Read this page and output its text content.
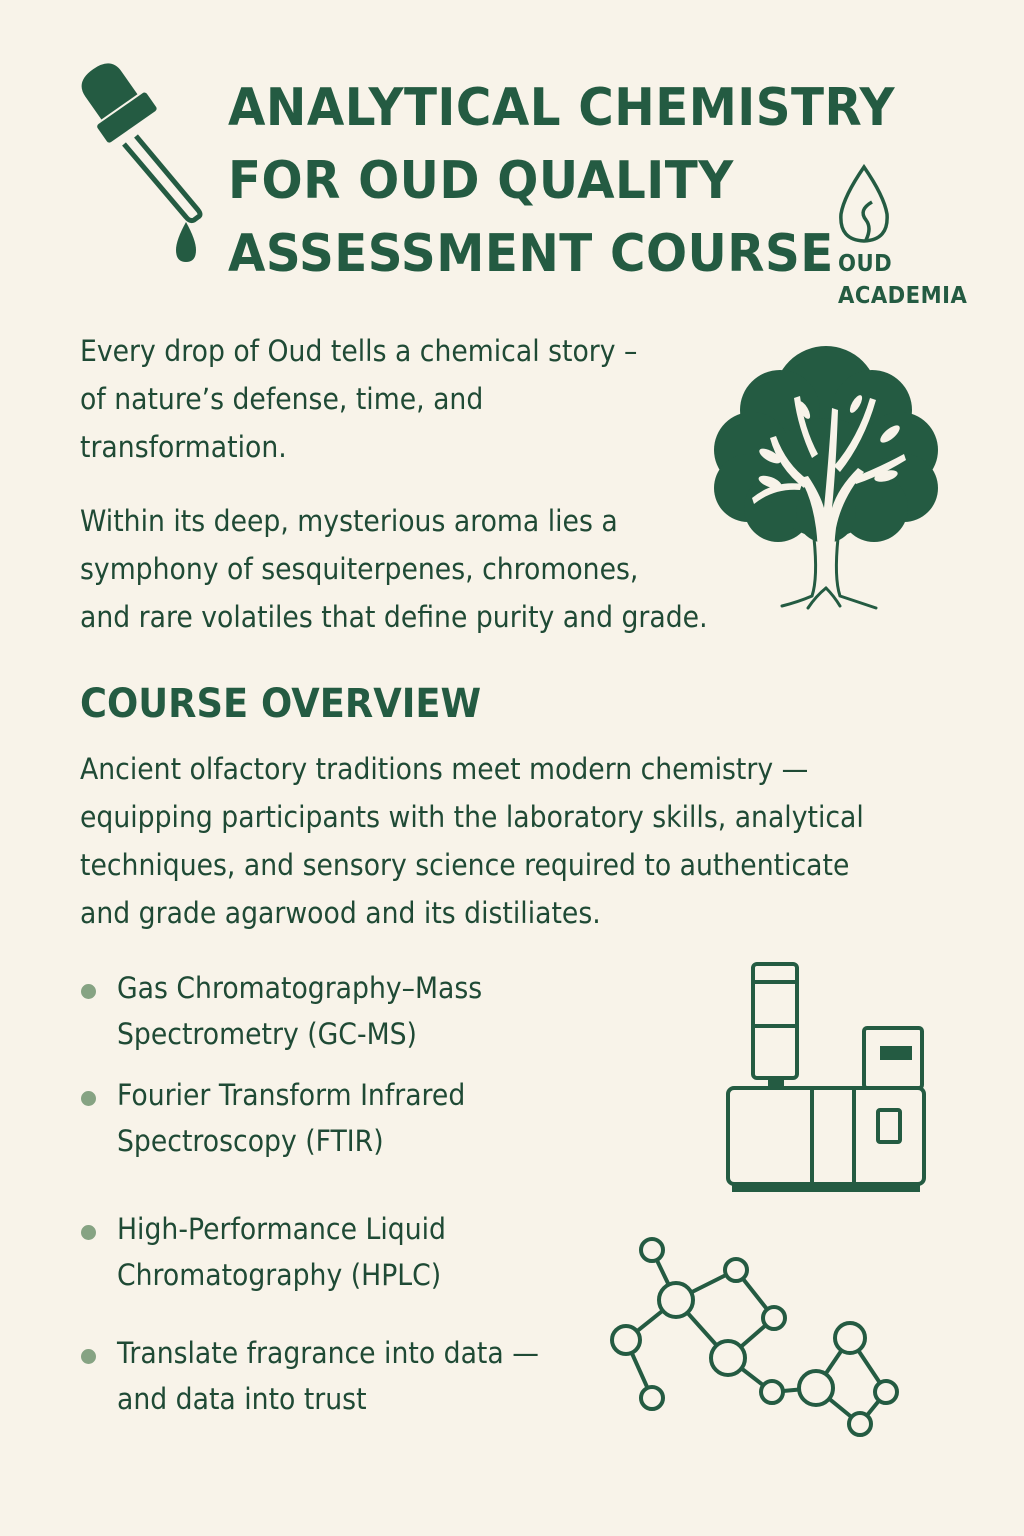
ANALYTICAL CHEMISTRY
FOR OUD QUALITY
ASSESSMENT COURSE OUD
ACADEMIA

Every drop of Oud tells a chemical story –
of nature’s defense, time, and
transformation.

Within its deep, mysterious aroma lies a
symphony of sesquiterpenes, chromones,
and rare volatiles that define purity and grade.

COURSE OVERVIEW

Ancient olfactory traditions meet modern chemistry —
equipping participants with the laboratory skills, analytical
techniques, and sensory science required to authenticate
and grade agarwood and its distiliates.

Gas Chromatography–Mass
Spectrometry (GC-MS)
Fourier Transform Infrared
Spectroscopy (FTIR)
High-Performance Liquid
Chromatography (HPLC)
Translate fragrance into data —
and data into trust
